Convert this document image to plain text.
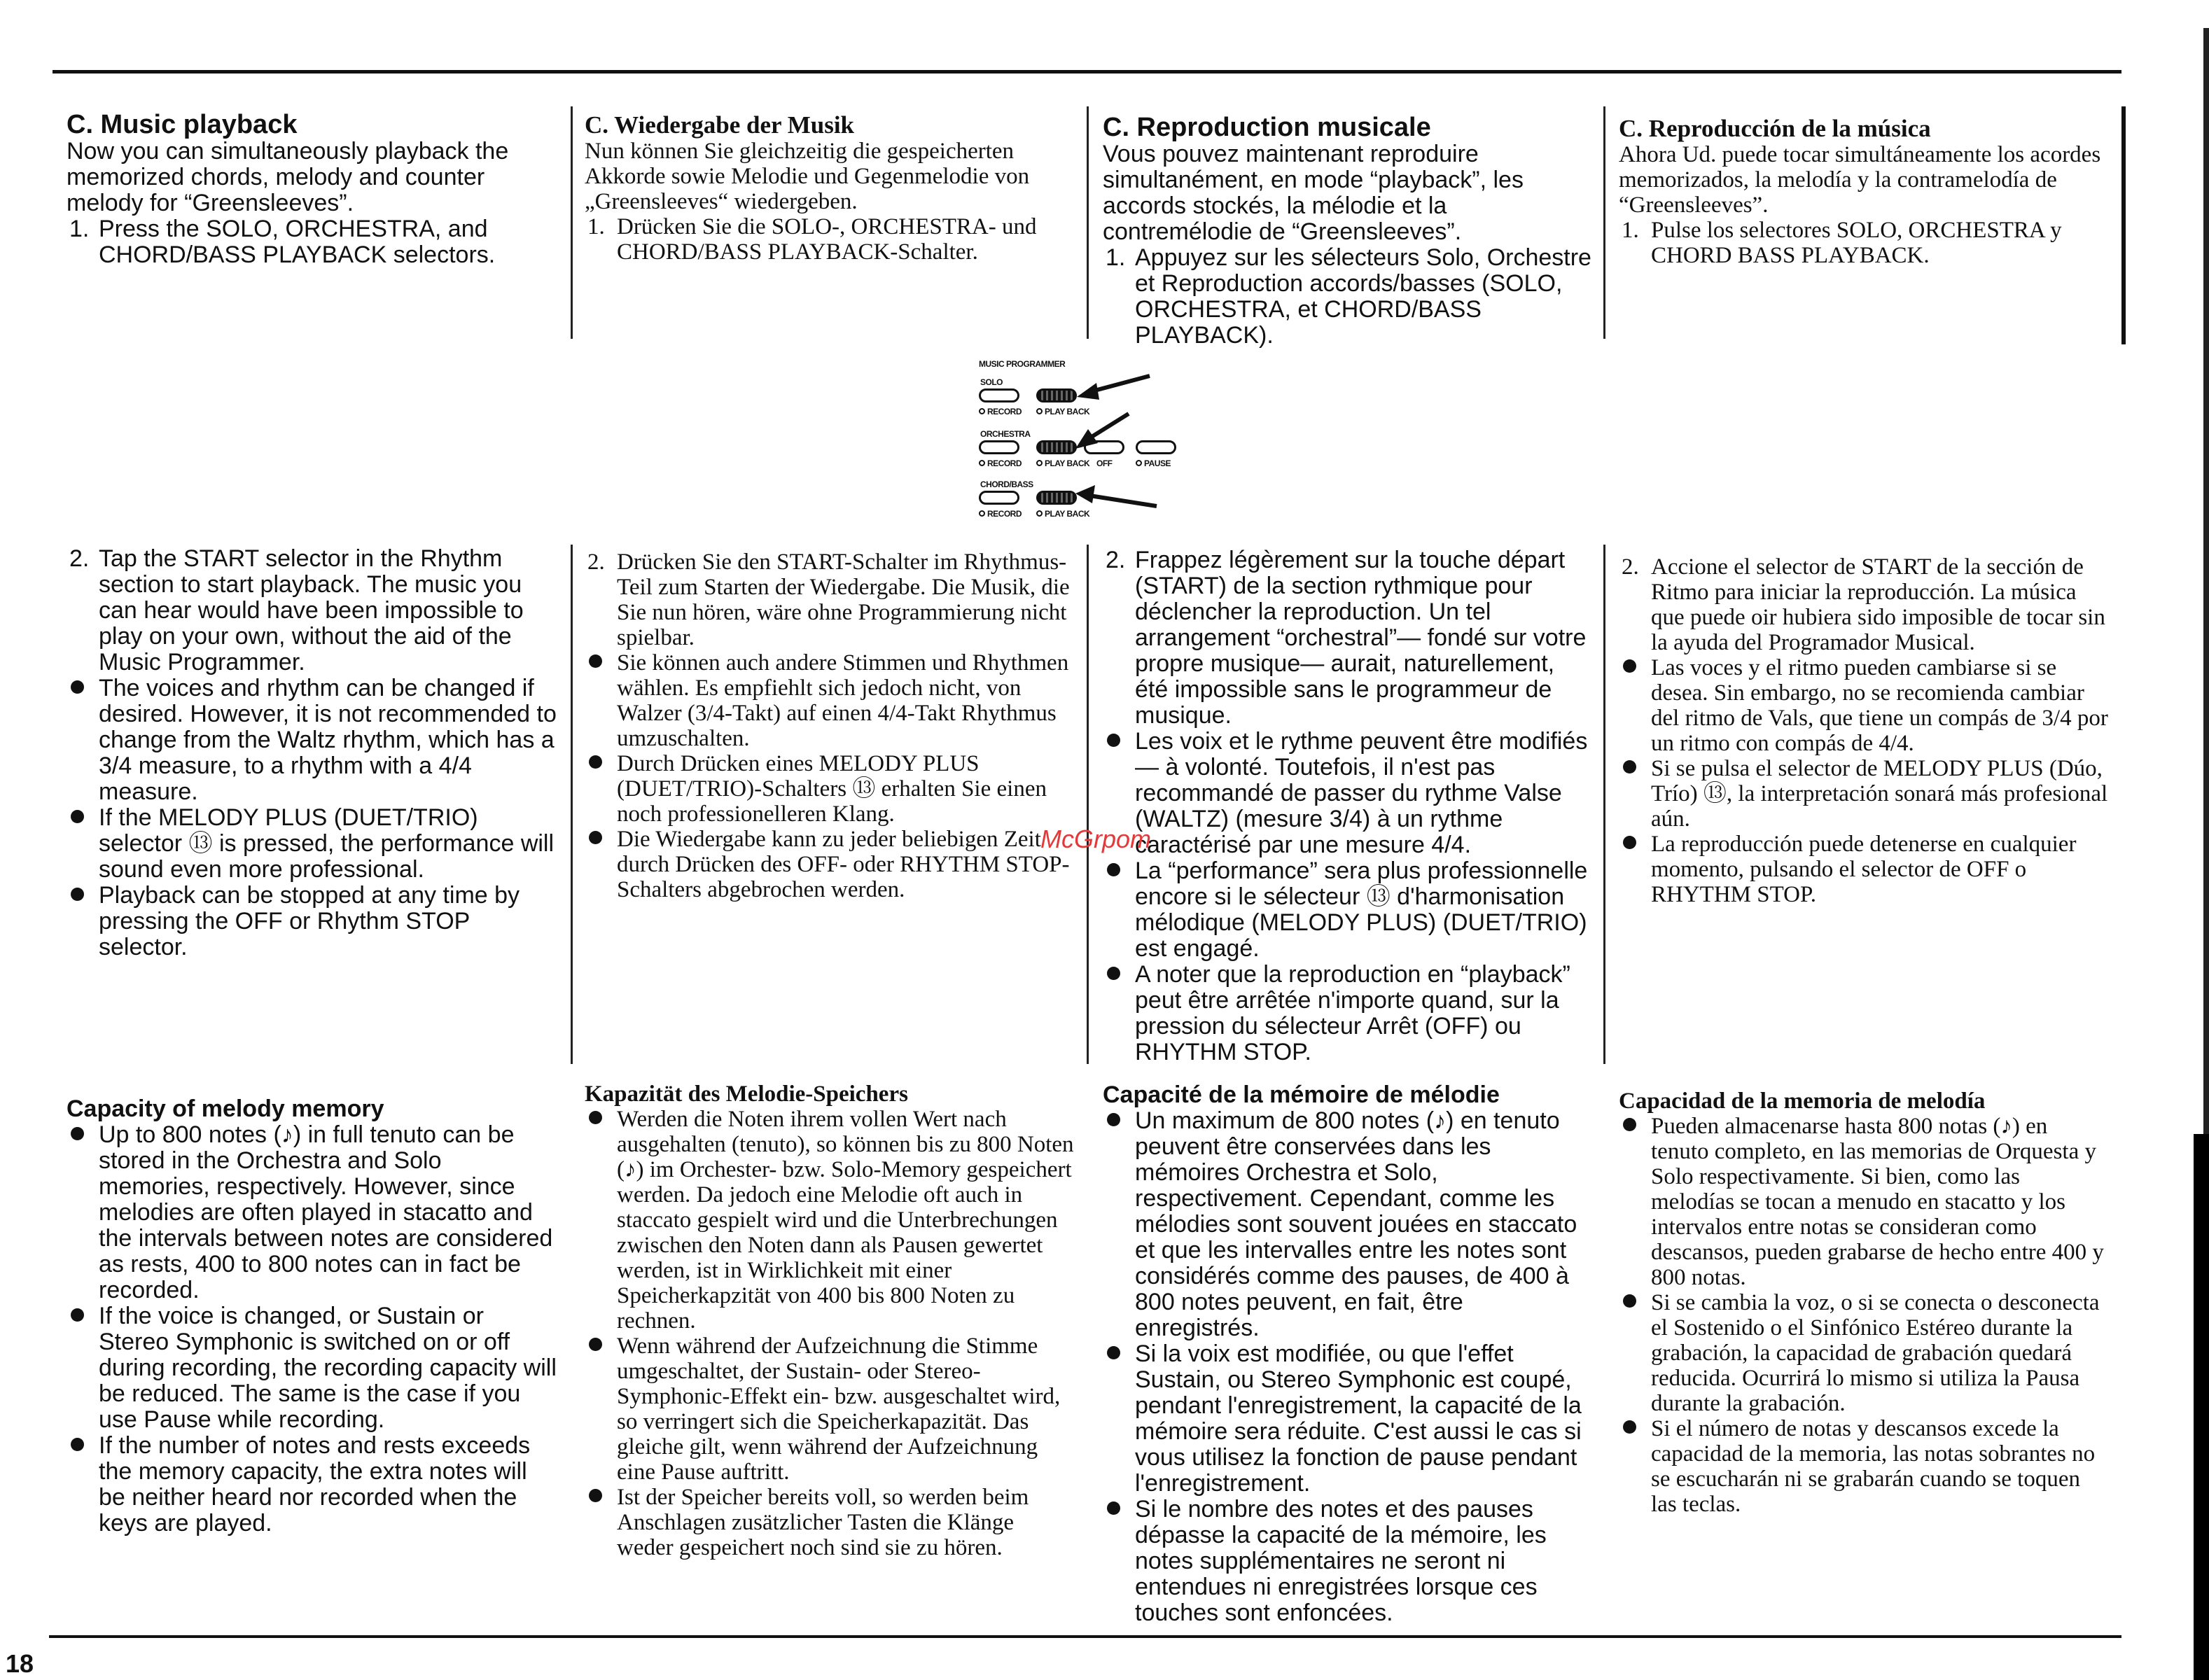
18
C. Music playback

Now you can simultaneously playback the memorized chords, melody and counter melody for “Greensleeves”.

1. Press the SOLO, ORCHESTRA, and CHORD/BASS PLAYBACK selectors.
2. Tap the START selector in the Rhythm section to start playback. The music you can hear would have been impossible to play on your own, without the aid of the Music Programmer.
The voices and rhythm can be changed if desired. However, it is not recommended to change from the Waltz rhythm, which has a 3/4 measure, to a rhythm with a 4/4 measure.
If the MELODY PLUS (DUET/TRIO) selector ⑬ is pressed, the performance will sound even more professional.
Playback can be stopped at any time by pressing the OFF or Rhythm STOP selector.
Capacity of melody memory
Up to 800 notes (♪) in full tenuto can be stored in the Orchestra and Solo memories, respectively. However, since melodies are often played in stacatto and the intervals between notes are considered as rests, 400 to 800 notes can in fact be recorded.
If the voice is changed, or Sustain or Stereo Symphonic is switched on or off during recording, the recording capacity will be reduced. The same is the case if you use Pause while recording.
If the number of notes and rests exceeds the memory capacity, the extra notes will be neither heard nor recorded when the keys are played.
C. Wiedergabe der Musik

Nun können Sie gleichzeitig die gespeicherten Akkorde sowie Melodie und Gegenmelodie von „Greensleeves“ wiedergeben.

1. Drücken Sie die SOLO-, ORCHESTRA- und CHORD/BASS PLAYBACK-Schalter.
2. Drücken Sie den START-Schalter im Rhythmus-Teil zum Starten der Wiedergabe. Die Musik, die Sie nun hören, wäre ohne Programmierung nicht spielbar.
Sie können auch andere Stimmen und Rhythmen wählen. Es empfiehlt sich jedoch nicht, von Walzer (3/4-Takt) auf einen 4/4-Takt Rhythmus umzuschalten.
Durch Drücken eines MELODY PLUS (DUET/TRIO)-Schalters ⑬ erhalten Sie einen noch professionelleren Klang.
Die Wiedergabe kann zu jeder beliebigen Zeit durch Drücken des OFF- oder RHYTHM STOP-Schalters abgebrochen werden.
Kapazität des Melodie-Speichers
Werden die Noten ihrem vollen Wert nach ausgehalten (tenuto), so können bis zu 800 Noten (♪) im Orchester- bzw. Solo-Memory gespeichert werden. Da jedoch eine Melodie oft auch in staccato gespielt wird und die Unterbrechungen zwischen den Noten dann als Pausen gewertet werden, ist in Wirklichkeit mit einer Speicherkapzität von 400 bis 800 Noten zu rechnen.
Wenn während der Aufzeichnung die Stimme umgeschaltet, der Sustain- oder Stereo-Symphonic-Effekt ein- bzw. ausgeschaltet wird, so verringert sich die Speicherkapazität. Das gleiche gilt, wenn während der Aufzeichnung eine Pause auftritt.
Ist der Speicher bereits voll, so werden beim Anschlagen zusätzlicher Tasten die Klänge weder gespeichert noch sind sie zu hören.
C. Reproduction musicale

Vous pouvez maintenant reproduire simultanément, en mode “playback”, les accords stockés, la mélodie et la contremélodie de “Greensleeves”.

1. Appuyez sur les sélecteurs Solo, Orchestre et Reproduction accords/basses (SOLO, ORCHESTRA, et CHORD/BASS PLAYBACK).
2. Frappez légèrement sur la touche départ (START) de la section rythmique pour déclencher la reproduction. Un tel arrangement “orchestral”— fondé sur votre propre musique— aurait, naturellement, été impossible sans le programmeur de musique.
Les voix et le rythme peuvent être modifiés— à volonté. Toutefois, il n'est pas recommandé de passer du rythme Valse (WALTZ) (mesure 3/4) à un rythme caractérisé par une mesure 4/4.
La “performance” sera plus professionnelle encore si le sélecteur ⑬ d'harmonisation mélodique (MELODY PLUS) (DUET/TRIO) est engagé.
A noter que la reproduction en “playback” peut être arrêtée n'importe quand, sur la pression du sélecteur Arrêt (OFF) ou RHYTHM STOP.
Capacité de la mémoire de mélodie
Un maximum de 800 notes (♪) en tenuto peuvent être conservées dans les mémoires Orchestra et Solo, respectivement. Cependant, comme les mélodies sont souvent jouées en staccato et que les intervalles entre les notes sont considérés comme des pauses, de 400 à 800 notes peuvent, en fait, être enregistrés.
Si la voix est modifiée, ou que l'effet Sustain, ou Stereo Symphonic est coupé, pendant l'enregistrement, la capacité de la mémoire sera réduite. C'est aussi le cas si vous utilisez la fonction de pause pendant l'enregistrement.
Si le nombre des notes et des pauses dépasse la capacité de la mémoire, les notes supplémentaires ne seront ni entendues ni enregistrées lorsque ces touches sont enfoncées.
C. Reproducción de la música

Ahora Ud. puede tocar simultáneamente los acordes memorizados, la melodía y la contramelodía de “Greensleeves”.

1. Pulse los selectores SOLO, ORCHESTRA y CHORD BASS PLAYBACK.
2. Accione el selector de START de la sección de Ritmo para iniciar la reproducción. La música que puede oir hubiera sido imposible de tocar sin la ayuda del Programador Musical.
Las voces y el ritmo pueden cambiarse si se desea. Sin embargo, no se recomienda cambiar del ritmo de Vals, que tiene un compás de 3/4 por un ritmo con compás de 4/4.
Si se pulsa el selector de MELODY PLUS (Dúo, Trío) ⑬, la interpretación sonará más profesional aún.
La reproducción puede detenerse en cualquier momento, pulsando el selector de OFF o RHYTHM STOP.
Capacidad de la memoria de melodía
Pueden almacenarse hasta 800 notas (♪) en tenuto completo, en las memorias de Orquesta y Solo respectivamente. Si bien, como las melodías se tocan a menudo en stacatto y los intervalos entre notas se consideran como descansos, pueden grabarse de hecho entre 400 y 800 notas.
Si se cambia la voz, o si se conecta o desconecta el Sostenido o el Sinfónico Estéreo durante la grabación, la capacidad de grabación quedará reducida. Ocurrirá lo mismo si utiliza la Pausa durante la grabación.
Si el número de notas y descansos excede la capacidad de la memoria, las notas sobrantes no se escucharán ni se grabarán cuando se toquen las teclas.
McGrpom
MUSIC PROGRAMMER
SOLO
RECORD	PLAY BACK
ORCHESTRA
RECORD	PLAY BACK OFF	PAUSE
CHORD/BASS
RECORD	PLAY BACK
